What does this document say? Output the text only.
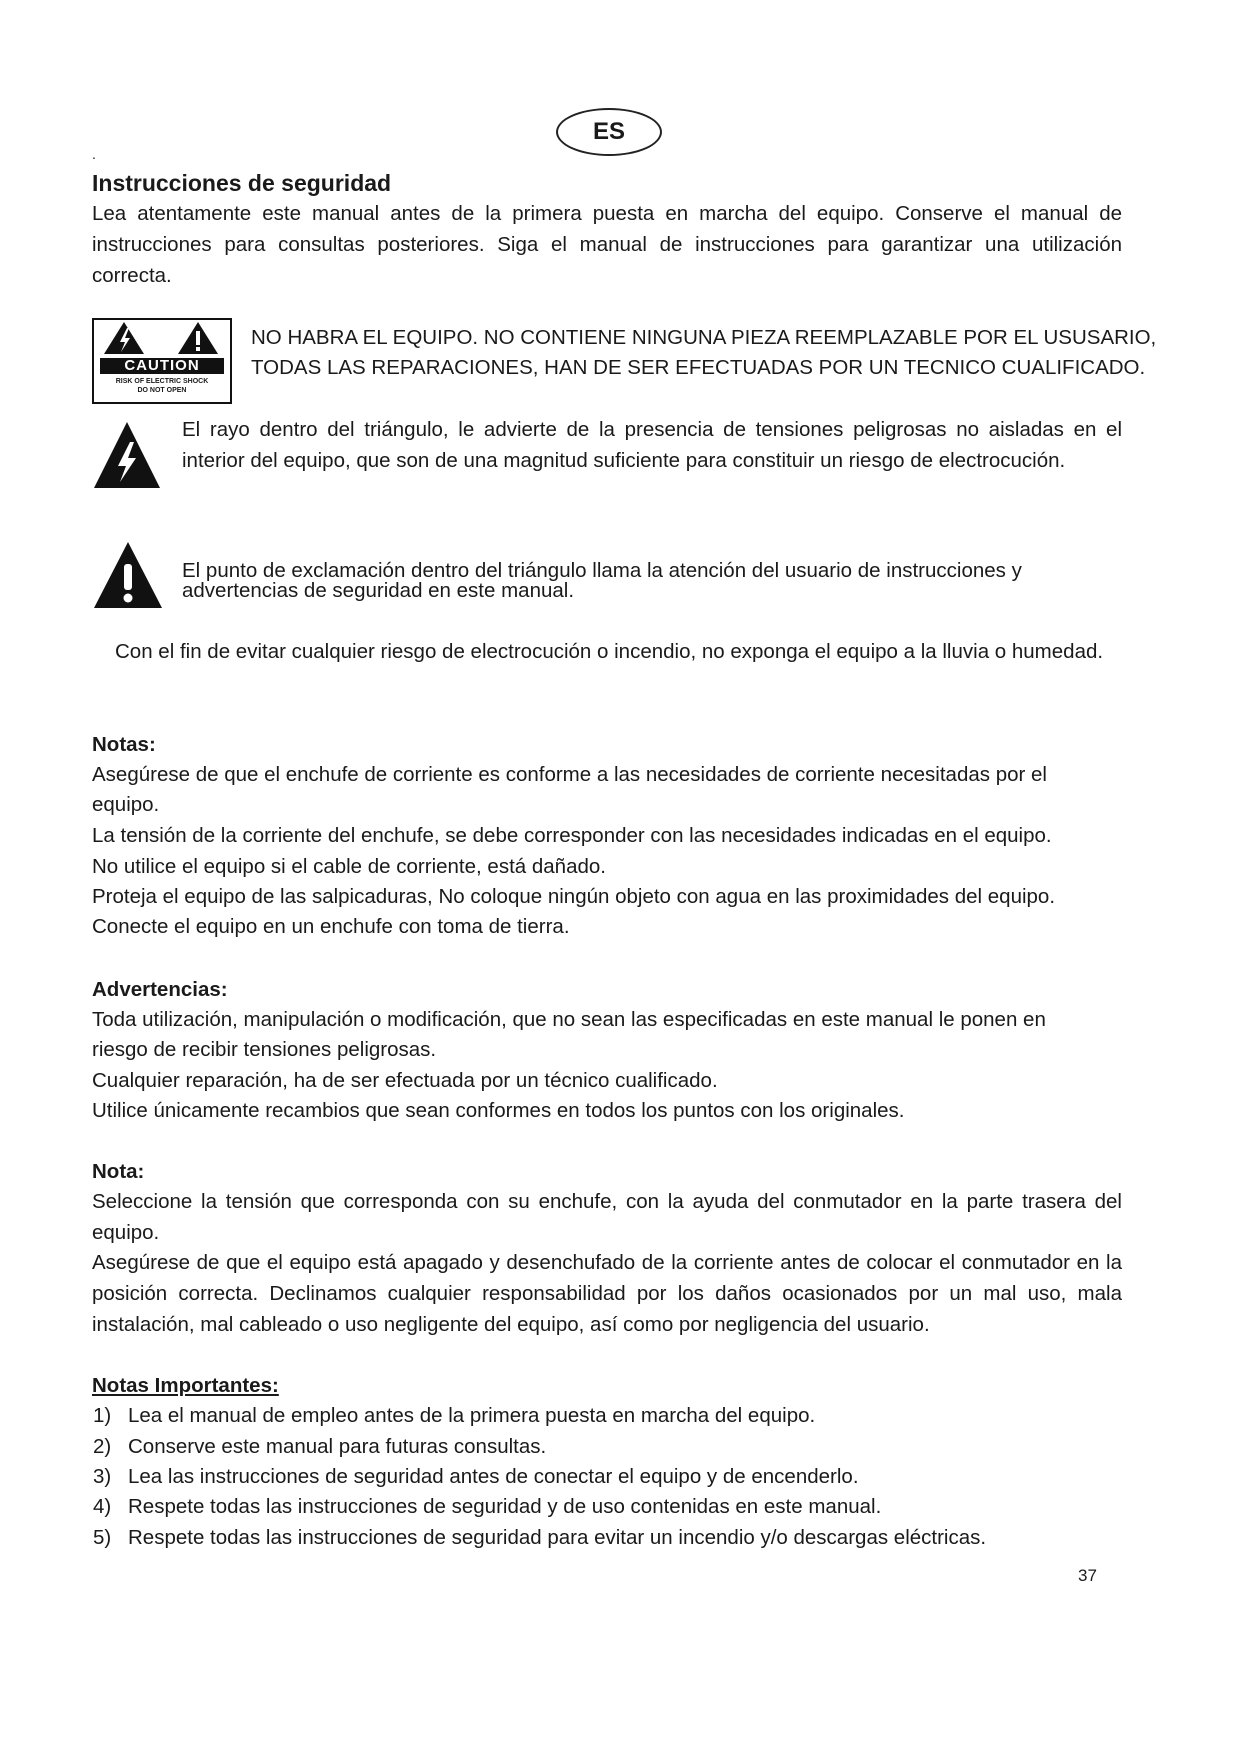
ES
.
Instrucciones de seguridad
Lea atentamente este manual antes de la primera puesta en marcha del equipo. Conserve el manual de instrucciones para consultas posteriores. Siga el manual de instrucciones para garantizar una utilización correcta.
CAUTION
RISK OF ELECTRIC SHOCK
DO NOT OPEN
NO HABRA EL EQUIPO. NO CONTIENE NINGUNA PIEZA REEMPLAZABLE POR EL USUSARIO,
TODAS LAS REPARACIONES, HAN DE SER EFECTUADAS POR UN TECNICO CUALIFICADO.
El rayo dentro del triángulo, le advierte de la presencia de tensiones peligrosas no aisladas en el interior del equipo, que son de una magnitud suficiente para constituir un riesgo de electrocución.
El punto de exclamación dentro del triángulo llama la atención del usuario de instrucciones y
advertencias de seguridad en este manual.
Con el fin de evitar cualquier riesgo de electrocución o incendio, no exponga el equipo a la lluvia o humedad.
Notas:
Asegúrese de que el enchufe de corriente es conforme a las necesidades de corriente necesitadas por el
equipo.
La tensión de la corriente del enchufe, se debe corresponder con las necesidades indicadas en el equipo.
No utilice el equipo si el cable de corriente, está dañado.
Proteja el equipo de las salpicaduras, No coloque ningún objeto con agua en las proximidades del equipo.
Conecte el equipo en un enchufe con toma de tierra.
Advertencias:
Toda utilización, manipulación o modificación, que no sean las especificadas en este manual le ponen en
riesgo de recibir tensiones peligrosas.
Cualquier reparación, ha de ser efectuada por un técnico cualificado.
Utilice únicamente recambios que sean conformes en todos los puntos con los originales.
Nota:
Seleccione la tensión que corresponda con su enchufe, con la ayuda del conmutador en la parte trasera del equipo.
Asegúrese de que el equipo está apagado y desenchufado de la corriente antes de colocar el conmutador en la posición correcta. Declinamos cualquier responsabilidad por los daños ocasionados por un mal uso, mala instalación, mal cableado o uso negligente del equipo, así como por negligencia del usuario.
Notas Importantes:
1) Lea el manual de empleo antes de la primera puesta en marcha del equipo.
2) Conserve este manual para futuras consultas.
3) Lea las instrucciones de seguridad antes de conectar el equipo y de encenderlo.
4) Respete todas las instrucciones de seguridad y de uso contenidas en este manual.
5) Respete todas las instrucciones de seguridad para evitar un incendio y/o descargas eléctricas.
37
